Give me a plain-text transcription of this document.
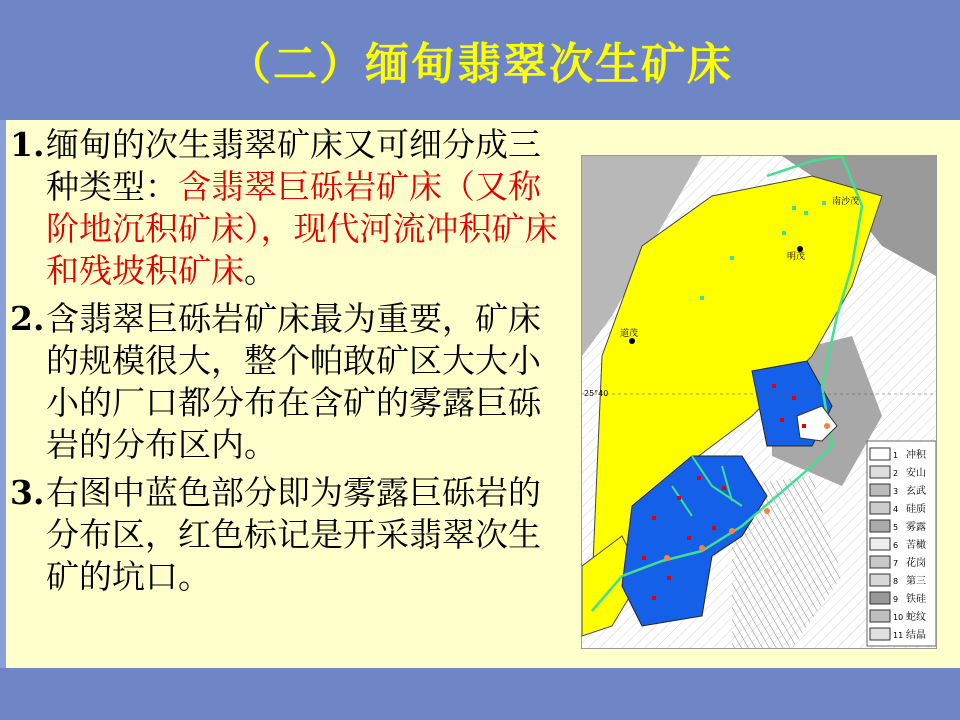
（二）缅甸翡翠次生矿床

1. 缅甸的次生翡翠矿床又可细分成三种类型：含翡翠巨砾岩矿床（又称阶地沉积矿床），现代河流冲积矿床和残坡积矿床。

2. 含翡翠巨砾岩矿床最为重要，矿床的规模很大，整个帕敢矿区大大小小的厂口都分布在含矿的雾露巨砾岩的分布区内。

3. 右图中蓝色部分即为雾露巨砾岩的分布区，红色标记是开采翡翠次生矿的坑口。

南沙茂
明茂
道茂
25°40
1 冲积
2 安山
3 玄武
4 硅质
5 雾露
6 苦橄
7 花岗
8 第三
9 铁硅
10 蛇纹
11 结晶
